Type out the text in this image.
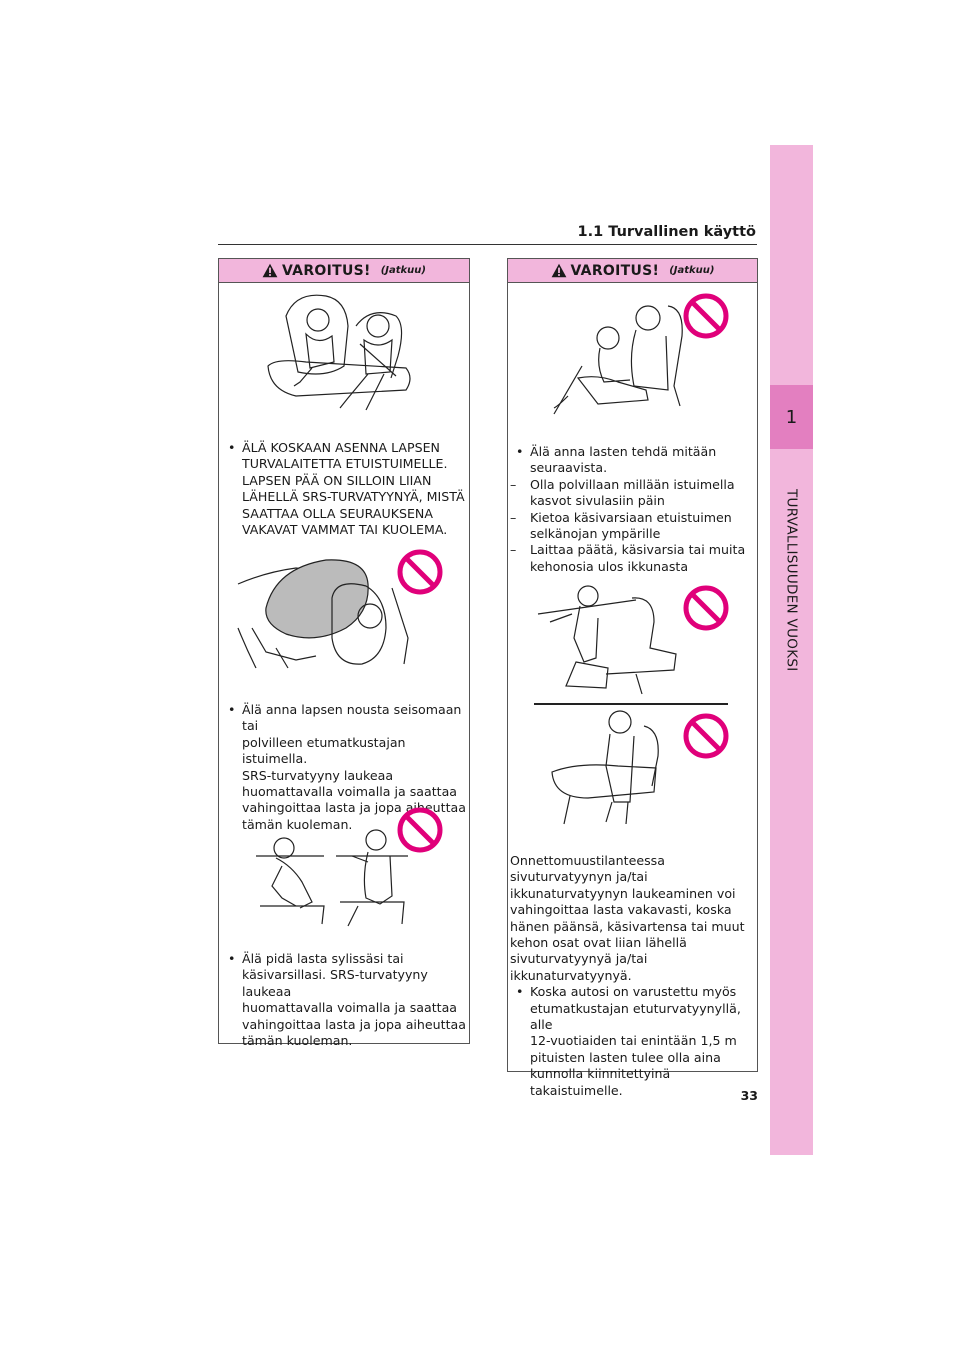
1
TURVALLISUUDEN VUOKSI
1.1 Turvallinen käyttö
VAROITUS! (Jatkuu)
• ÄLÄ KOSKAAN ASENNA LAPSEN
TURVALAITETTA ETUISTUIMELLE.
LAPSEN PÄÄ ON SILLOIN LIIAN
LÄHELLÄ SRS-TURVATYYNYÄ, MISTÄ
SAATTAA OLLA SEURAUKSENA
VAKAVAT VAMMAT TAI KUOLEMA.
• Älä anna lapsen nousta seisomaan tai
polvilleen etumatkustajan istuimella.
SRS-turvatyyny laukeaa
huomattavalla voimalla ja saattaa
vahingoittaa lasta ja jopa aiheuttaa
tämän kuoleman.
• Älä pidä lasta sylissäsi tai
käsivarsillasi. SRS-turvatyyny laukeaa
huomattavalla voimalla ja saattaa
vahingoittaa lasta ja jopa aiheuttaa
tämän kuoleman.
VAROITUS! (Jatkuu)
• Älä anna lasten tehdä mitään
seuraavista.
– Olla polvillaan millään istuimella
kasvot sivulasiin päin
– Kietoa käsivarsiaan etuistuimen
selkänojan ympärille
– Laittaa päätä, käsivarsia tai muita
kehonosia ulos ikkunasta
Onnettomuustilanteessa
sivuturvatyynyn ja/tai
ikkunaturvatyynyn laukeaminen voi
vahingoittaa lasta vakavasti, koska
hänen päänsä, käsivartensa tai muut
kehon osat ovat liian lähellä
sivuturvatyynyä ja/tai
ikkunaturvatyynyä.
• Koska autosi on varustettu myös
etumatkustajan etuturvatyynyllä, alle
12-vuotiaiden tai enintään 1,5 m
pituisten lasten tulee olla aina
kunnolla kiinnitettyinä takaistuimelle.	33
